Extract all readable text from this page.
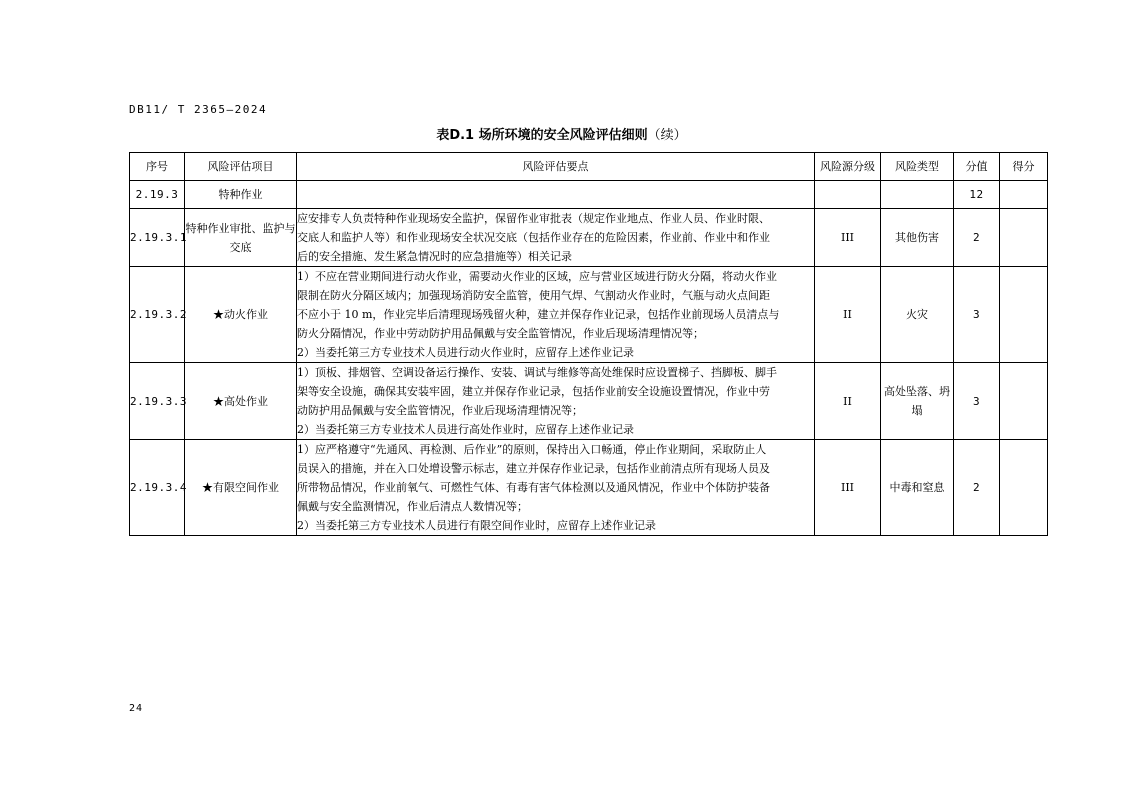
DB11/ T 2365—2024
表D.1 场所环境的安全风险评估细则（续）
序号	风险评估项目	风险评估要点	风险源分级	风险类型	分值	得分
2.19.3	特种作业				12	
2.19.3.1	特种作业审批、监护与交底	应安排专人负责特种作业现场安全监护，保留作业审批表（规定作业地点、作业人员、作业时限、
交底人和监护人等）和作业现场安全状况交底（包括作业存在的危险因素，作业前、作业中和作业
后的安全措施、发生紧急情况时的应急措施等）相关记录	III	其他伤害	2	
2.19.3.2	★动火作业	1）不应在营业期间进行动火作业，需要动火作业的区域，应与营业区域进行防火分隔，将动火作业
限制在防火分隔区域内；加强现场消防安全监管，使用气焊、气割动火作业时，气瓶与动火点间距
不应小于 10 m，作业完毕后清理现场残留火种，建立并保存作业记录，包括作业前现场人员清点与
防火分隔情况，作业中劳动防护用品佩戴与安全监管情况，作业后现场清理情况等；
2）当委托第三方专业技术人员进行动火作业时，应留存上述作业记录	II	火灾	3	
2.19.3.3	★高处作业	1）顶板、排烟管、空调设备运行操作、安装、调试与维修等高处维保时应设置梯子、挡脚板、脚手
架等安全设施，确保其安装牢固，建立并保存作业记录，包括作业前安全设施设置情况，作业中劳
动防护用品佩戴与安全监管情况，作业后现场清理情况等；
2）当委托第三方专业技术人员进行高处作业时，应留存上述作业记录	II	高处坠落、坍塌	3	
2.19.3.4	★有限空间作业	1）应严格遵守“先通风、再检测、后作业”的原则，保持出入口畅通，停止作业期间，采取防止人
员误入的措施，并在入口处增设警示标志，建立并保存作业记录，包括作业前清点所有现场人员及
所带物品情况，作业前氧气、可燃性气体、有毒有害气体检测以及通风情况，作业中个体防护装备
佩戴与安全监测情况，作业后清点人数情况等；
2）当委托第三方专业技术人员进行有限空间作业时，应留存上述作业记录	III	中毒和窒息	2	
24
